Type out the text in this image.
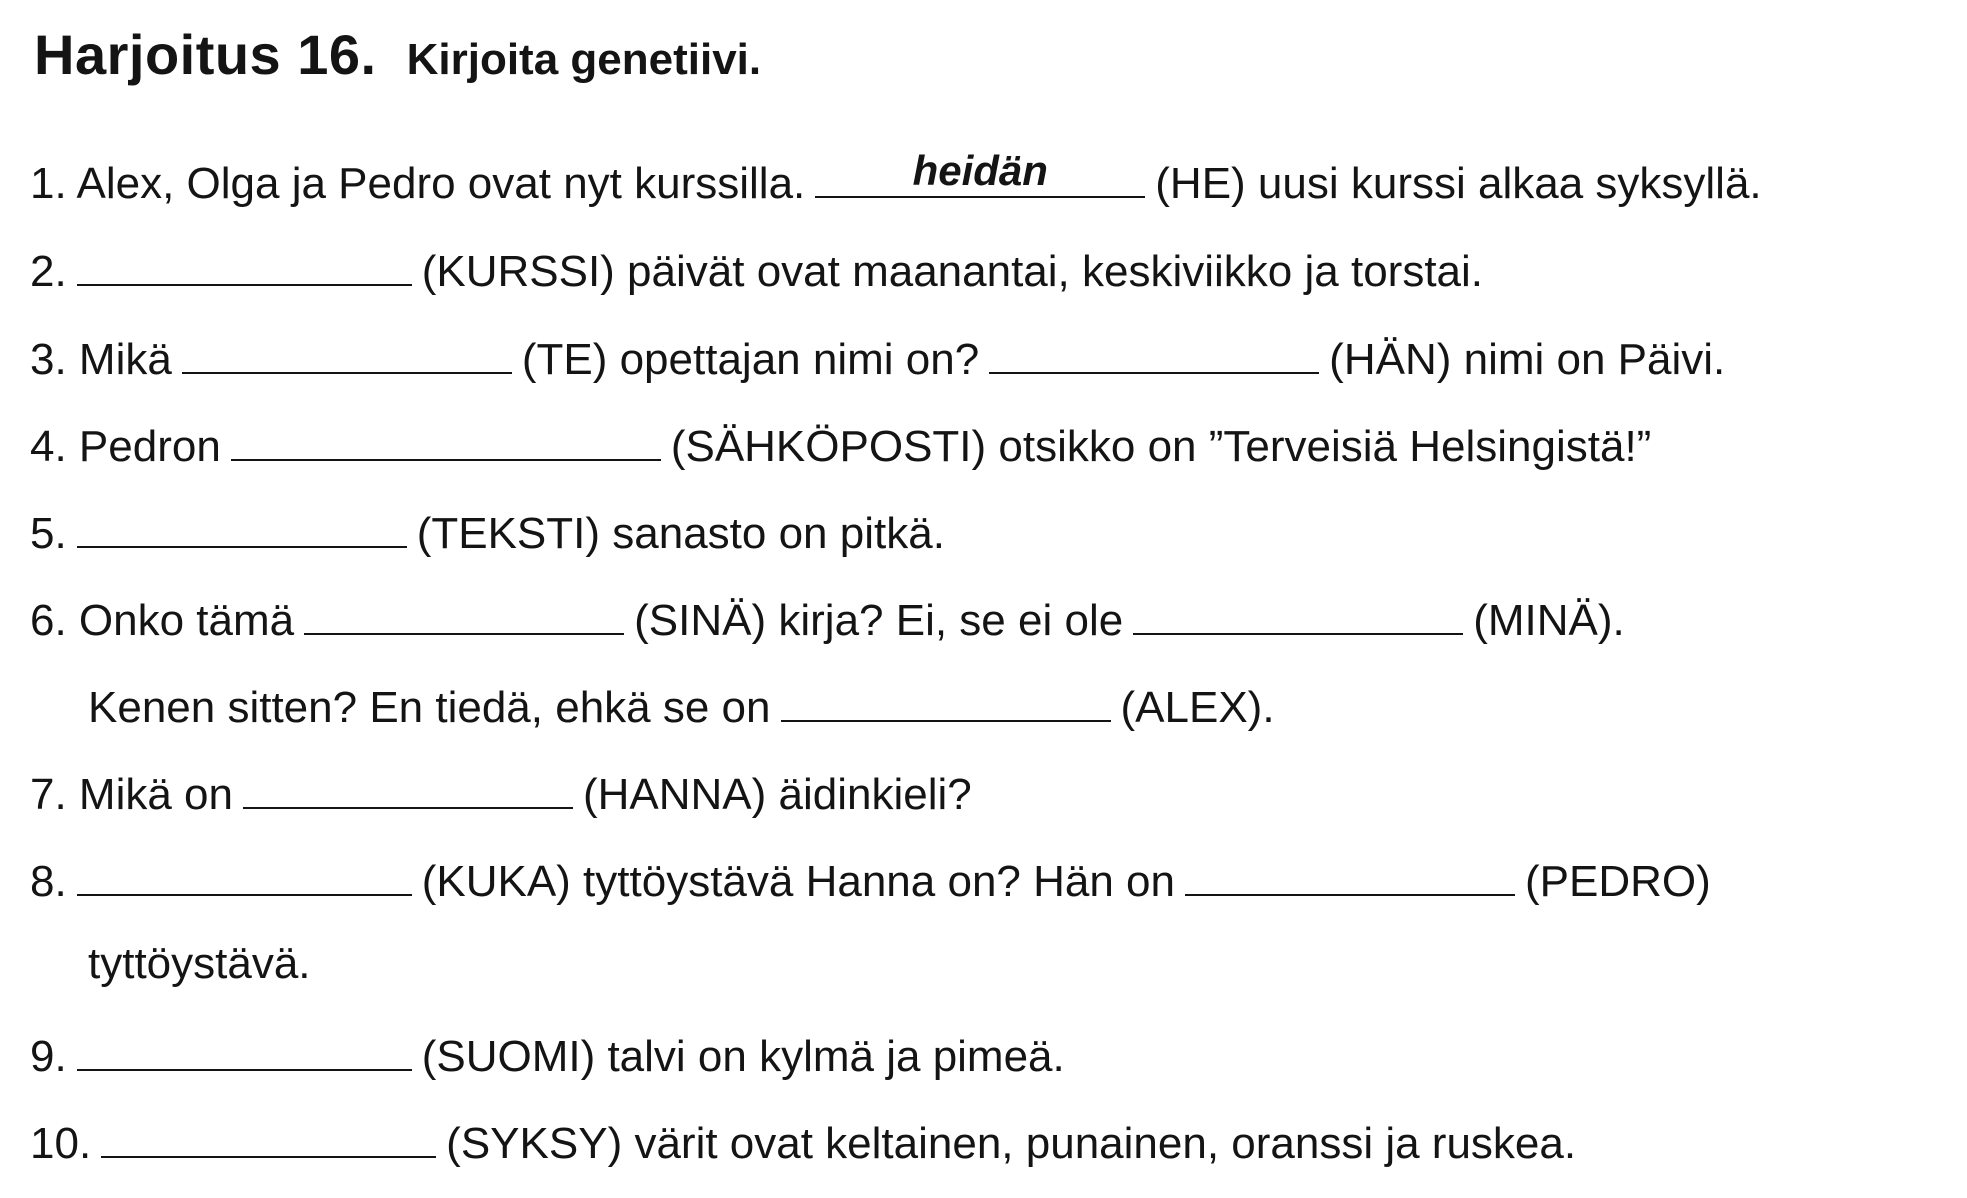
Harjoitus 16. Kirjoita genetiivi.
1. Alex, Olga ja Pedro ovat nyt kurssilla.	heidän	(HE) uusi kurssi alkaa syksyllä.
2.	(KURSSI) päivät ovat maanantai, keskiviikko ja torstai.
3. Mikä	(TE) opettajan nimi on?	(HÄN) nimi on Päivi.
4. Pedron	(SÄHKÖPOSTI) otsikko on ”Terveisiä Helsingistä!”
5.	(TEKSTI) sanasto on pitkä.
6. Onko tämä	(SINÄ) kirja? Ei, se ei ole	(MINÄ).
Kenen sitten? En tiedä, ehkä se on	(ALEX).
7. Mikä on	(HANNA) äidinkieli?
8.	(KUKA) tyttöystävä Hanna on? Hän on	(PEDRO)
tyttöystävä.
9.	(SUOMI) talvi on kylmä ja pimeä.
10.	(SYKSY) värit ovat keltainen, punainen, oranssi ja ruskea.
